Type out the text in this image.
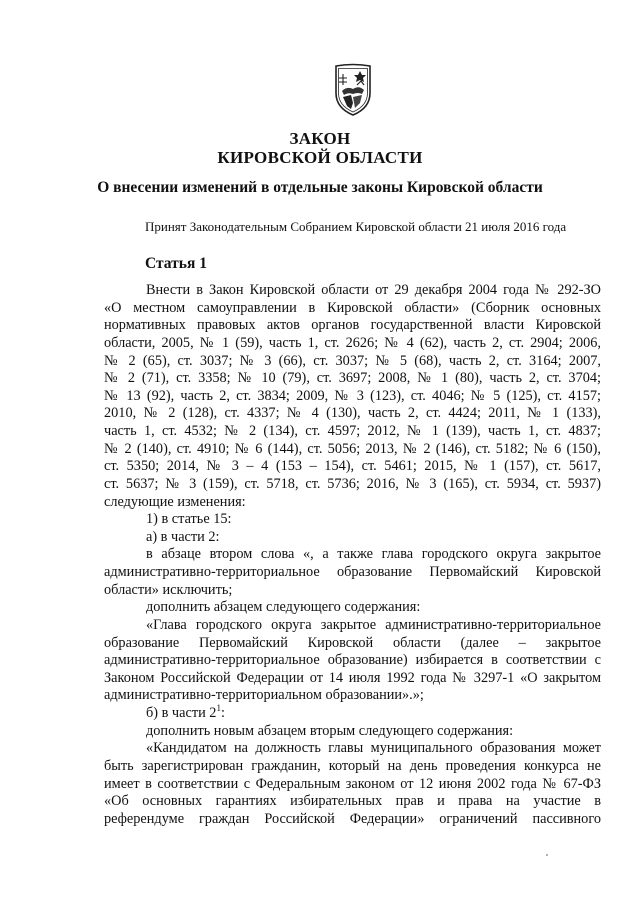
ЗАКОН
КИРОВСКОЙ ОБЛАСТИ
О внесении изменений в отдельные законы Кировской области
Принят Законодательным Собранием Кировской области 21 июля 2016 года
Статья 1

Внести в Закон Кировской области от 29 декабря 2004 года № 292-ЗО

«О местном самоуправлении в Кировской области» (Сборник основных

нормативных правовых актов органов государственной власти Кировской

области, 2005, № 1 (59), часть 1, ст. 2626; № 4 (62), часть 2, ст. 2904; 2006,

№ 2 (65), ст. 3037; № 3 (66), ст. 3037; № 5 (68), часть 2, ст. 3164; 2007,

№ 2 (71), ст. 3358; № 10 (79), ст. 3697; 2008, № 1 (80), часть 2, ст. 3704;

№ 13 (92), часть 2, ст. 3834; 2009, № 3 (123), ст. 4046; № 5 (125), ст. 4157;

2010, № 2 (128), ст. 4337; № 4 (130), часть 2, ст. 4424; 2011, № 1 (133),

часть 1, ст. 4532; № 2 (134), ст. 4597; 2012, № 1 (139), часть 1, ст. 4837;

№ 2 (140), ст. 4910; № 6 (144), ст. 5056; 2013, № 2 (146), ст. 5182; № 6 (150),

ст. 5350; 2014, № 3 – 4 (153 – 154), ст. 5461; 2015, № 1 (157), ст. 5617,

ст. 5637; № 3 (159), ст. 5718, ст. 5736; 2016, № 3 (165), ст. 5934, ст. 5937)

следующие изменения:

1) в статье 15:

а) в части 2:

в абзаце втором слова «, а также глава городского округа закрытое

административно-территориальное образование Первомайский Кировской

области» исключить;

дополнить абзацем следующего содержания:

«Глава городского округа закрытое административно-территориальное

образование Первомайский Кировской области (далее – закрытое

административно-территориальное образование) избирается в соответствии с

Законом Российской Федерации от 14 июля 1992 года № 3297-1 «О закрытом

административно-территориальном образовании».»;

б) в части $2^1$:

дополнить новым абзацем вторым следующего содержания:

«Кандидатом на должность главы муниципального образования может

быть зарегистрирован гражданин, который на день проведения конкурса не

имеет в соответствии с Федеральным законом от 12 июня 2002 года № 67-ФЗ

«Об основных гарантиях избирательных прав и права на участие в

референдуме граждан Российской Федерации» ограничений пассивного
